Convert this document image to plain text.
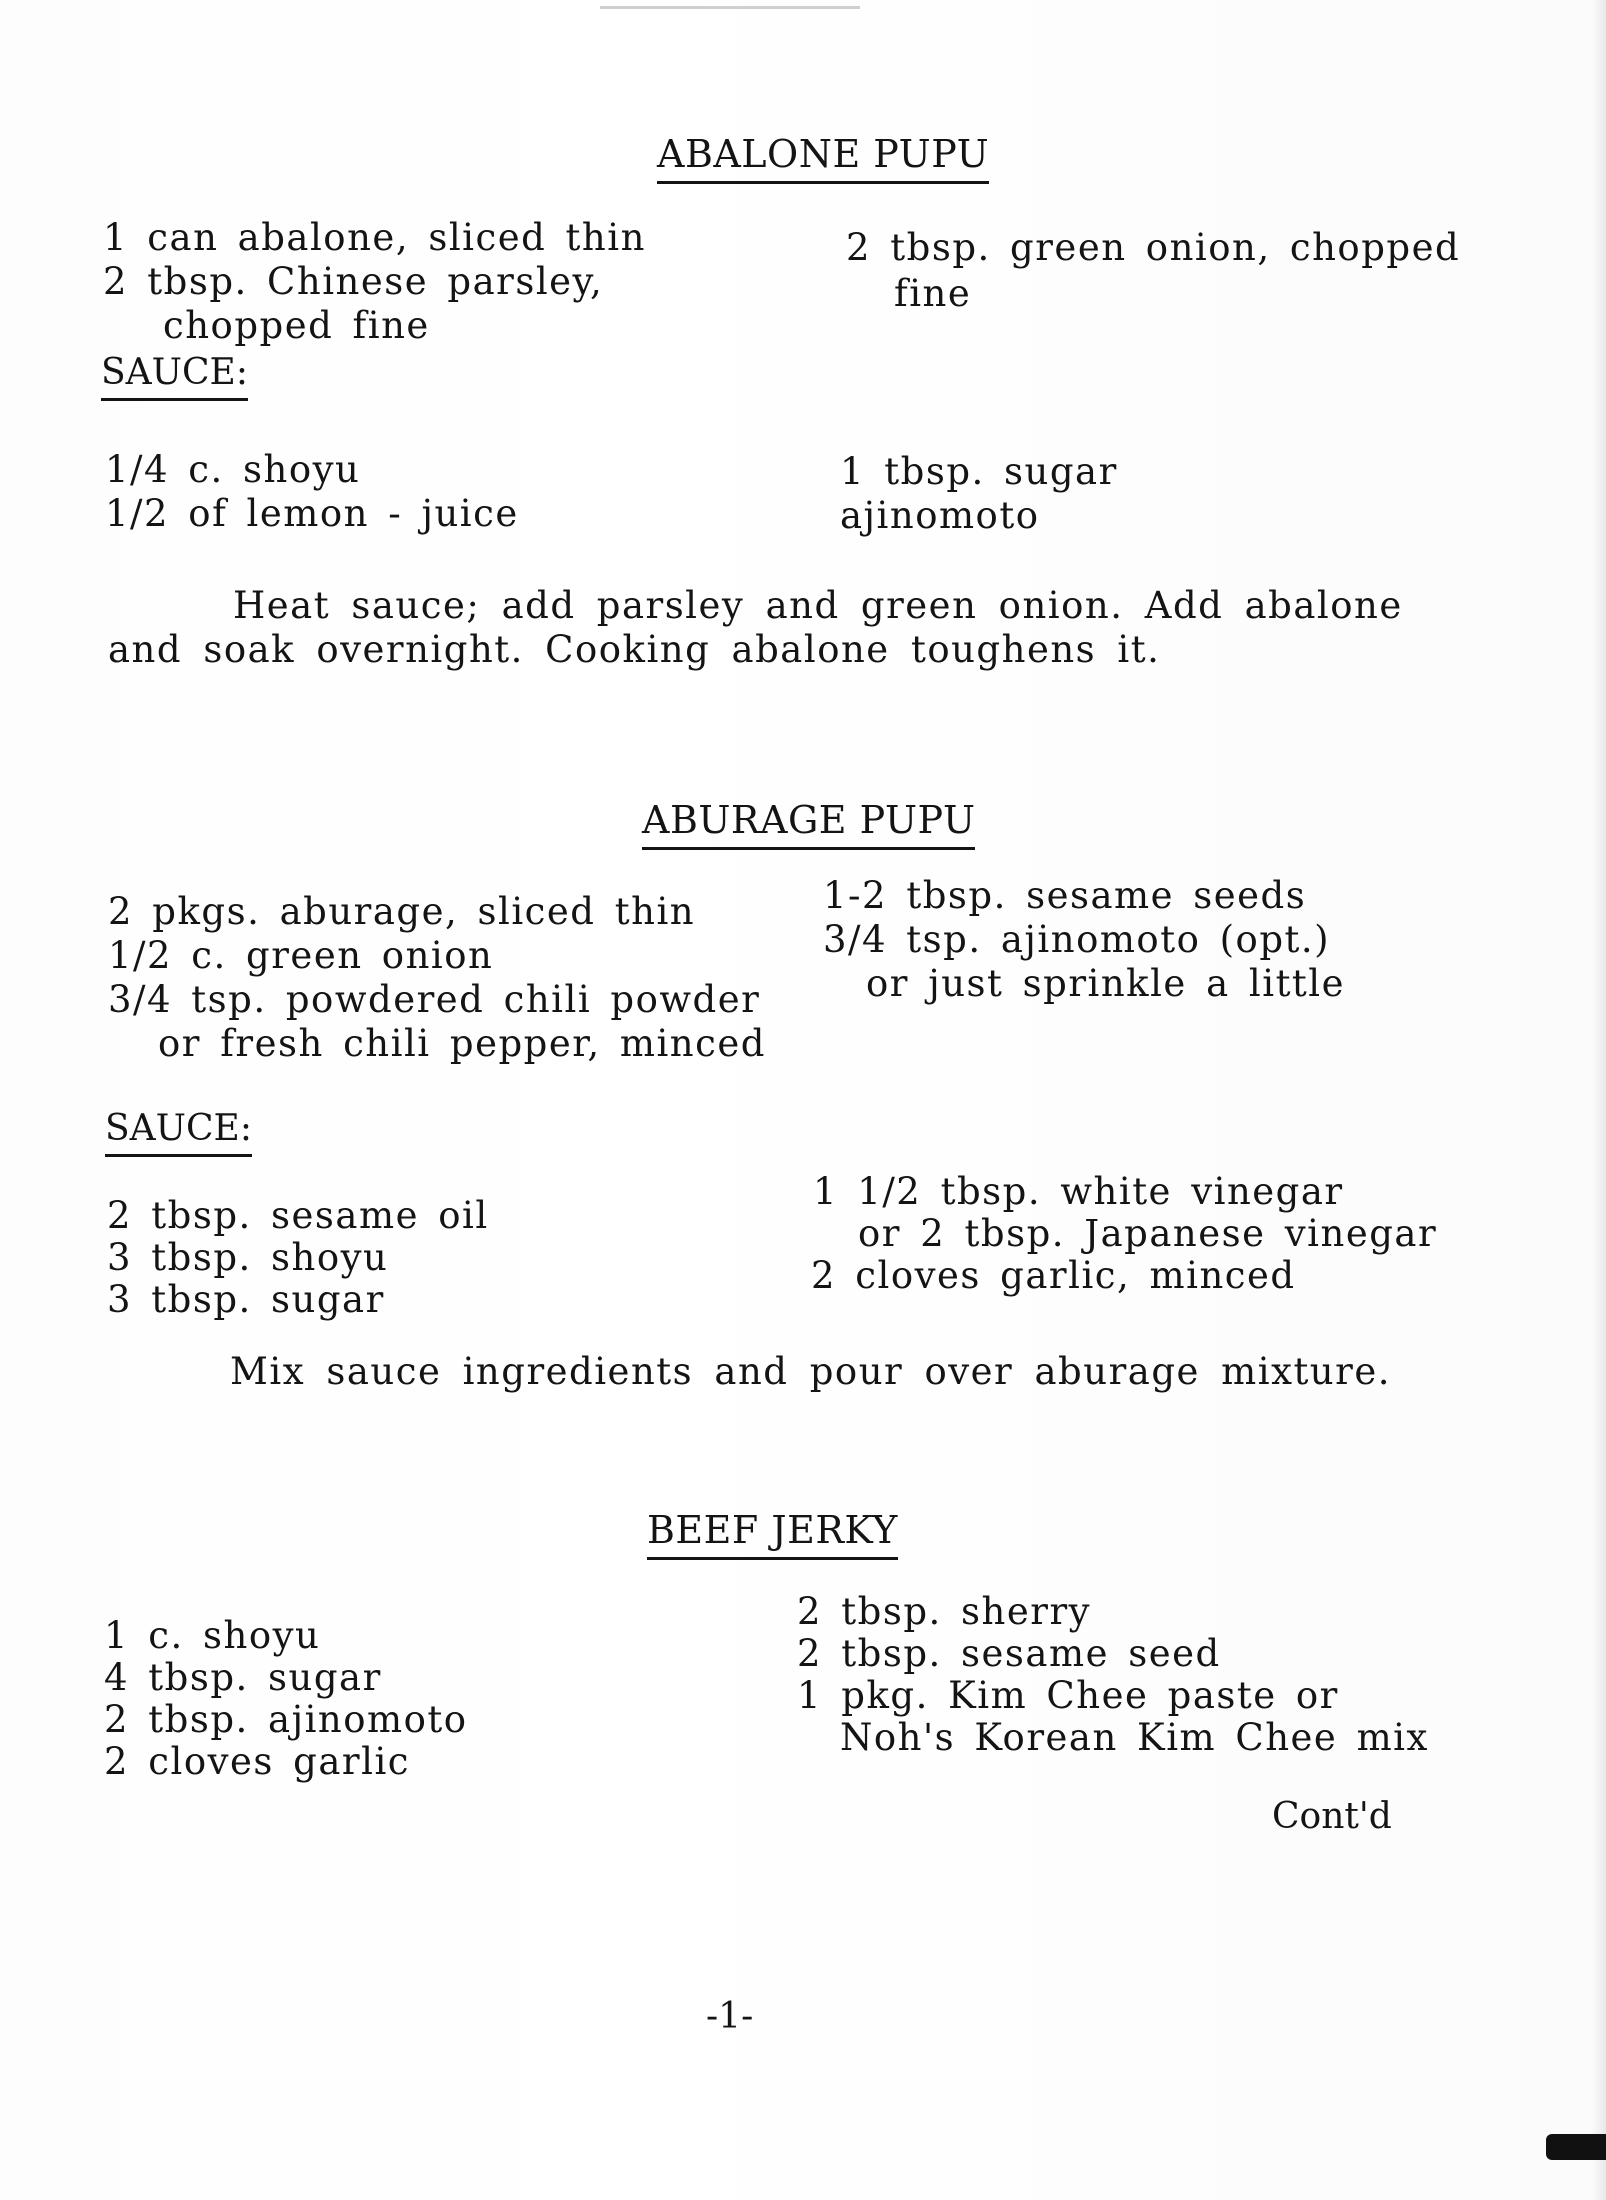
ABALONE PUPU
1 can abalone, sliced thin
2 tbsp. Chinese parsley,
chopped fine
2 tbsp. green onion, chopped
fine
SAUCE:
1/4 c. shoyu
1/2 of lemon - juice
1 tbsp. sugar
ajinomoto
Heat sauce; add parsley and green onion. Add abalone
and soak overnight. Cooking abalone toughens it.
ABURAGE PUPU
2 pkgs. aburage, sliced thin
1/2 c. green onion
3/4 tsp. powdered chili powder
or fresh chili pepper, minced
1-2 tbsp. sesame seeds
3/4 tsp. ajinomoto (opt.)
or just sprinkle a little
SAUCE:
2 tbsp. sesame oil
3 tbsp. shoyu
3 tbsp. sugar
1 1/2 tbsp. white vinegar
or 2 tbsp. Japanese vinegar
2 cloves garlic, minced
Mix sauce ingredients and pour over aburage mixture.
BEEF JERKY
1 c. shoyu
4 tbsp. sugar
2 tbsp. ajinomoto
2 cloves garlic
2 tbsp. sherry
2 tbsp. sesame seed
1 pkg. Kim Chee paste or
Noh's Korean Kim Chee mix
Cont'd
-1-
